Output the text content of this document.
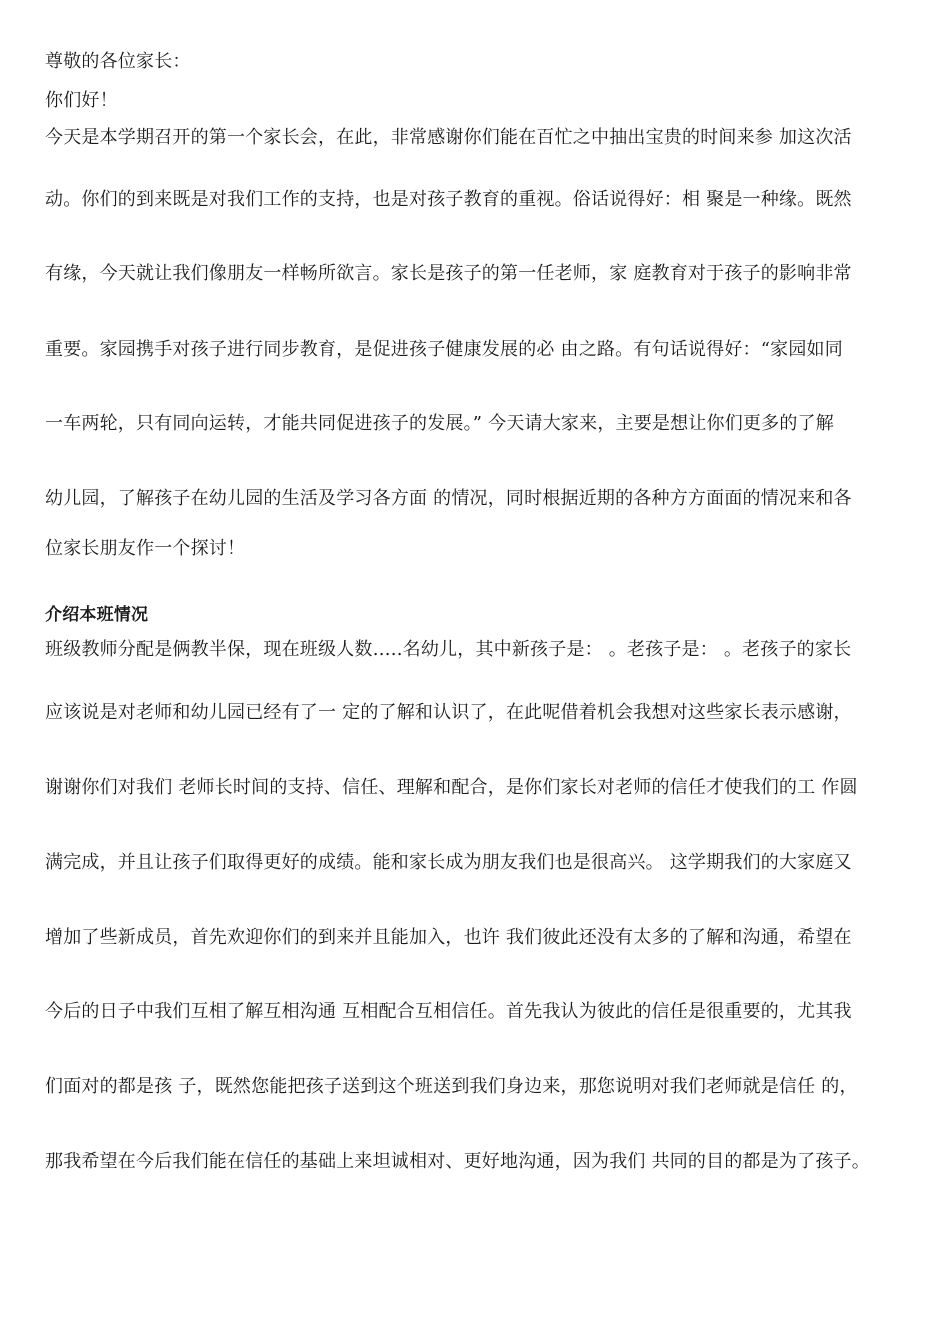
尊敬的各位家长：
你们好！
今天是本学期召开的第一个家长会，在此，非常感谢你们能在百忙之中抽出宝贵的时间来参 加这次活
动。你们的到来既是对我们工作的支持，也是对孩子教育的重视。俗话说得好：相 聚是一种缘。既然
有缘，今天就让我们像朋友一样畅所欲言。家长是孩子的第一任老师，家 庭教育对于孩子的影响非常
重要。家园携手对孩子进行同步教育，是促进孩子健康发展的必 由之路。有句话说得好：“家园如同
一车两轮，只有同向运转，才能共同促进孩子的发展。” 今天请大家来，主要是想让你们更多的了解
幼儿园，了解孩子在幼儿园的生活及学习各方面 的情况，同时根据近期的各种方方面面的情况来和各
位家长朋友作一个探讨！
介绍本班情况
班级教师分配是俩教半保，现在班级人数…..名幼儿，其中新孩子是： 。老孩子是： 。老孩子的家长
应该说是对老师和幼儿园已经有了一 定的了解和认识了，在此呢借着机会我想对这些家长表示感谢，
谢谢你们对我们 老师长时间的支持、信任、理解和配合，是你们家长对老师的信任才使我们的工 作圆
满完成，并且让孩子们取得更好的成绩。能和家长成为朋友我们也是很高兴。 这学期我们的大家庭又
增加了些新成员，首先欢迎你们的到来并且能加入，也许 我们彼此还没有太多的了解和沟通，希望在
今后的日子中我们互相了解互相沟通 互相配合互相信任。首先我认为彼此的信任是很重要的，尤其我
们面对的都是孩 子，既然您能把孩子送到这个班送到我们身边来，那您说明对我们老师就是信任 的，
那我希望在今后我们能在信任的基础上来坦诚相对、更好地沟通，因为我们 共同的目的都是为了孩子。
